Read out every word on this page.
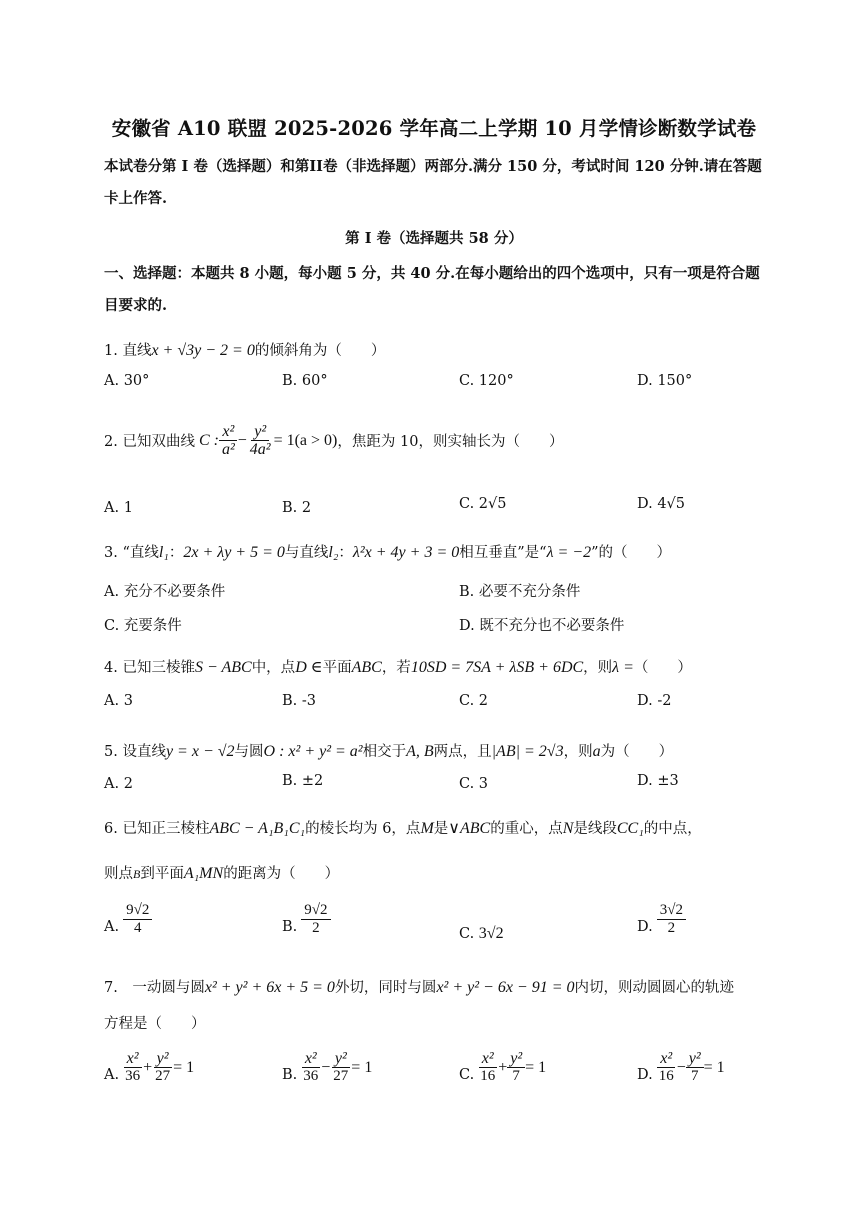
安徽省 A10 联盟 2025-2026 学年高二上学期 10 月学情诊断数学试卷
本试卷分第 I 卷（选择题）和第II卷（非选择题）两部分.满分 150 分，考试时间 120 分钟.请在答题
卡上作答.
第 I 卷（选择题共 58 分）
一、选择题：本题共 8 小题，每小题 5 分，共 40 分.在每小题给出的四个选项中，只有一项是符合题
目要求的.
1. 直线x + √3y − 2 = 0的倾斜角为（　　）
A. 30°	B. 60°	C. 120°	D. 150°
2. 已知双曲线 C : $\frac{\text{x²}}{\text{a²}} - \frac{\text{y²}}{\text{4a²}} = 1(a > 0)$ ，焦距为 10，则实轴长为（　　）
A. 1	B. 2	C. 2√5	D. 4√5
3. “直线l₁：2x + λy + 5 = 0与直线l₂：λ²x + 4y + 3 = 0相互垂直”是“λ = −2”的（　　）
A. 充分不必要条件	B. 必要不充分条件
C. 充要条件	D. 既不充分也不必要条件
4. 已知三棱锥S − ABC中，点D ∈平面ABC，若10SD = 7SA + λSB + 6DC，则λ =（　　）
A. 3	B. -3	C. 2	D. -2
5. 设直线y = x − √2与圆O : x² + y² = a²相交于A, B两点，且|AB| = 2√3，则a为（　　）
A. 2	B. ±2	C. 3	D. ±3
6. 已知正三棱柱ABC − A₁B₁C₁的棱长均为 6，点M是∨ABC的重心，点N是线段CC₁的中点，
则点B到平面A₁MN的距离为（　　）
A. $\frac{9√2}{4}$	B. $\frac{9√2}{2}$	C. 3√2	D. $\frac{3√2}{2}$
7.　一动圆与圆x² + y² + 6x + 5 = 0外切，同时与圆x² + y² − 6x − 91 = 0内切，则动圆圆心的轨迹
方程是（　　）
A. $\frac{\text{x²}}{36} + \frac{\text{y²}}{27} = 1$	B. $\frac{\text{x²}}{36} - \frac{\text{y²}}{27} = 1$	C. $\frac{\text{x²}}{16} + \frac{\text{y²}}{7} = 1$	D. $\frac{\text{x²}}{16} - \frac{\text{y²}}{7} = 1$
